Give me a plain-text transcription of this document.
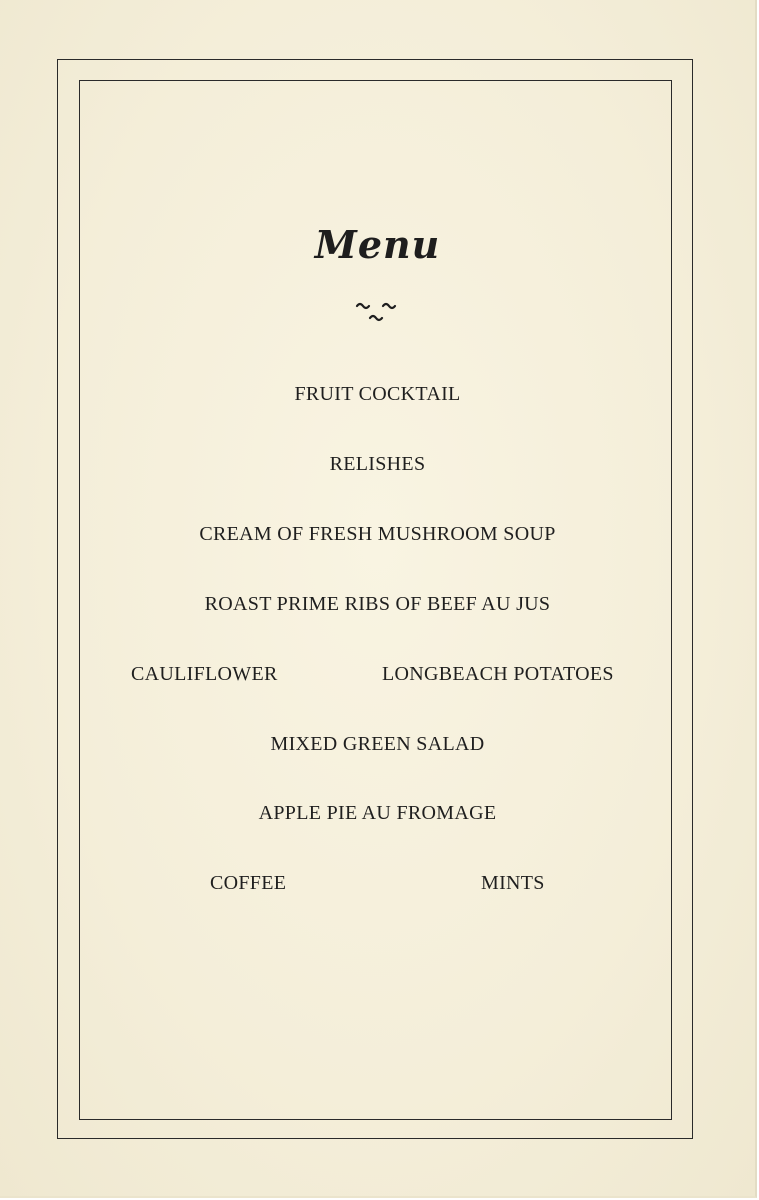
Menu
FRUIT COCKTAIL
RELISHES
CREAM OF FRESH MUSHROOM SOUP
ROAST PRIME RIBS OF BEEF AU JUS
CAULIFLOWER	LONGBEACH POTATOES
MIXED GREEN SALAD
APPLE PIE AU FROMAGE
COFFEE	MINTS
